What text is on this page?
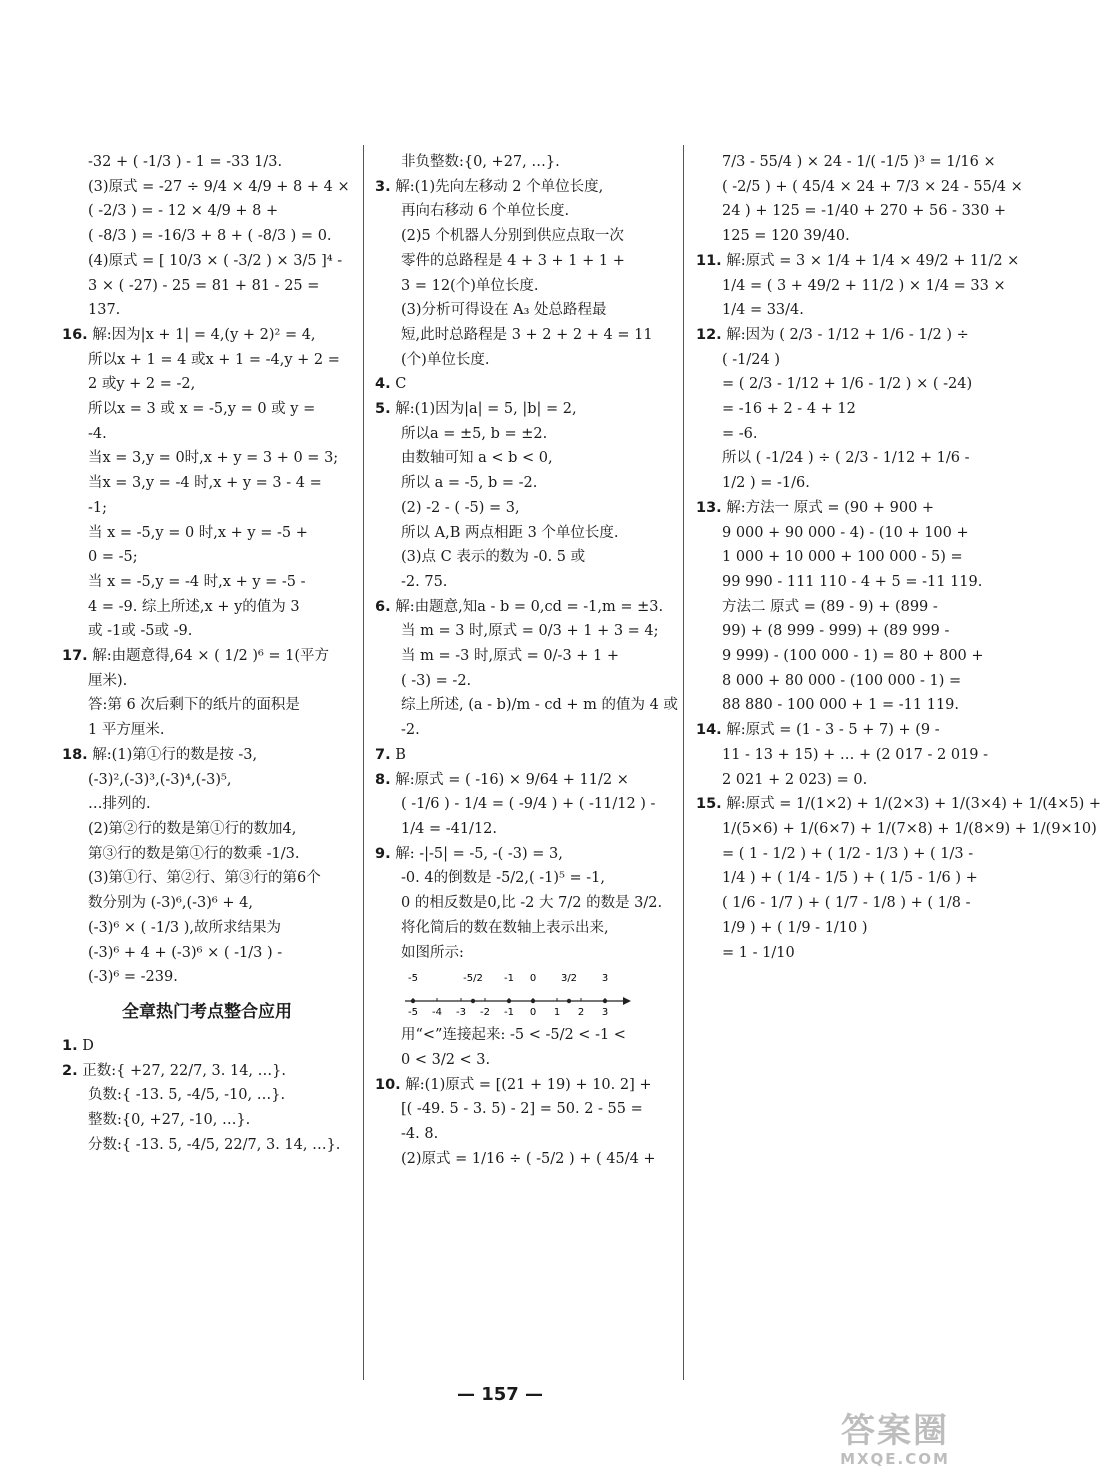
-32 + ( -1/3 ) - 1 = -33 1/3.
(3)原式 = -27 ÷ 9/4 × 4/9 + 8 + 4 ×
( -2/3 ) = - 12 × 4/9 + 8 +
( -8/3 ) = -16/3 + 8 + ( -8/3 ) = 0.
(4)原式 = [ 10/3 × ( -3/2 ) × 3/5 ]⁴ -
3 × ( -27) - 25 = 81 + 81 - 25 =
137.
16. 解:因为|x + 1| = 4,(y + 2)² = 4,
所以x + 1 = 4 或x + 1 = -4,y + 2 =
2 或y + 2 = -2,
所以x = 3 或 x = -5,y = 0 或 y =
-4.
当x = 3,y = 0时,x + y = 3 + 0 = 3;
当x = 3,y = -4 时,x + y = 3 - 4 =
-1;
当 x = -5,y = 0 时,x + y = -5 +
0 = -5;
当 x = -5,y = -4 时,x + y = -5 -
4 = -9. 综上所述,x + y的值为 3
或 -1或 -5或 -9.
17. 解:由题意得,64 × ( 1/2 )⁶ = 1(平方
厘米).
答:第 6 次后剩下的纸片的面积是
1 平方厘米.
18. 解:(1)第①行的数是按 -3,
(-3)²,(-3)³,(-3)⁴,(-3)⁵,
…排列的.
(2)第②行的数是第①行的数加4,
第③行的数是第①行的数乘 -1/3.
(3)第①行、第②行、第③行的第6个
数分别为 (-3)⁶,(-3)⁶ + 4,
(-3)⁶ × ( -1/3 ),故所求结果为
(-3)⁶ + 4 + (-3)⁶ × ( -1/3 ) -
(-3)⁶ = -239.
全章热门考点整合应用
1. D
2. 正数:{ +27, 22/7, 3. 14, …}.
负数:{ -13. 5, -4/5, -10, …}.
整数:{0, +27, -10, …}.
分数:{ -13. 5, -4/5, 22/7, 3. 14, …}.
非负整数:{0, +27, …}.
3. 解:(1)先向左移动 2 个单位长度,
再向右移动 6 个单位长度.
(2)5 个机器人分别到供应点取一次
零件的总路程是 4 + 3 + 1 + 1 +
3 = 12(个)单位长度.
(3)分析可得设在 A₃ 处总路程最
短,此时总路程是 3 + 2 + 2 + 4 = 11
(个)单位长度.
4. C
5. 解:(1)因为|a| = 5, |b| = 2,
所以a = ±5, b = ±2.
由数轴可知 a < b < 0,
所以 a = -5, b = -2.
(2) -2 - ( -5) = 3,
所以 A,B 两点相距 3 个单位长度.
(3)点 C 表示的数为 -0. 5 或
-2. 75.
6. 解:由题意,知a - b = 0,cd = -1,m = ±3.
当 m = 3 时,原式 = 0/3 + 1 + 3 = 4;
当 m = -3 时,原式 = 0/-3 + 1 +
( -3) = -2.
综上所述, (a - b)/m - cd + m 的值为 4 或
-2.
7. B
8. 解:原式 = ( -16) × 9/64 + 11/2 ×
( -1/6 ) - 1/4 = ( -9/4 ) + ( -11/12 ) -
1/4 = -41/12.
9. 解: -|-5| = -5, -( -3) = 3,
-0. 4的倒数是 -5/2,( -1)⁵ = -1,
0 的相反数是0,比 -2 大 7/2 的数是 3/2.
将化简后的数在数轴上表示出来,
如图所示:
-5 -4 -3 -2 -1 0 1 2 3
-5	-5/2 -1 0 3/2 3
用“<”连接起来: -5 < -5/2 < -1 <
0 < 3/2 < 3.
10. 解:(1)原式 = [(21 + 19) + 10. 2] +
[( -49. 5 - 3. 5) - 2] = 50. 2 - 55 =
-4. 8.
(2)原式 = 1/16 ÷ ( -5/2 ) + ( 45/4 +
7/3 - 55/4 ) × 24 - 1/( -1/5 )³ = 1/16 ×
( -2/5 ) + ( 45/4 × 24 + 7/3 × 24 - 55/4 ×
24 ) + 125 = -1/40 + 270 + 56 - 330 +
125 = 120 39/40.
11. 解:原式 = 3 × 1/4 + 1/4 × 49/2 + 11/2 ×
1/4 = ( 3 + 49/2 + 11/2 ) × 1/4 = 33 ×
1/4 = 33/4.
12. 解:因为 ( 2/3 - 1/12 + 1/6 - 1/2 ) ÷
( -1/24 )
= ( 2/3 - 1/12 + 1/6 - 1/2 ) × ( -24)
= -16 + 2 - 4 + 12
= -6.
所以 ( -1/24 ) ÷ ( 2/3 - 1/12 + 1/6 -
1/2 ) = -1/6.
13. 解:方法一 原式 = (90 + 900 +
9 000 + 90 000 - 4) - (10 + 100 +
1 000 + 10 000 + 100 000 - 5) =
99 990 - 111 110 - 4 + 5 = -11 119.
方法二 原式 = (89 - 9) + (899 -
99) + (8 999 - 999) + (89 999 -
9 999) - (100 000 - 1) = 80 + 800 +
8 000 + 80 000 - (100 000 - 1) =
88 880 - 100 000 + 1 = -11 119.
14. 解:原式 = (1 - 3 - 5 + 7) + (9 -
11 - 13 + 15) + … + (2 017 - 2 019 -
2 021 + 2 023) = 0.
15. 解:原式 = 1/(1×2) + 1/(2×3) + 1/(3×4) + 1/(4×5) +
1/(5×6) + 1/(6×7) + 1/(7×8) + 1/(8×9) + 1/(9×10)
= ( 1 - 1/2 ) + ( 1/2 - 1/3 ) + ( 1/3 -
1/4 ) + ( 1/4 - 1/5 ) + ( 1/5 - 1/6 ) +
( 1/6 - 1/7 ) + ( 1/7 - 1/8 ) + ( 1/8 -
1/9 ) + ( 1/9 - 1/10 )
= 1 - 1/10
— 157 —
答案圈
MXQE.COM
